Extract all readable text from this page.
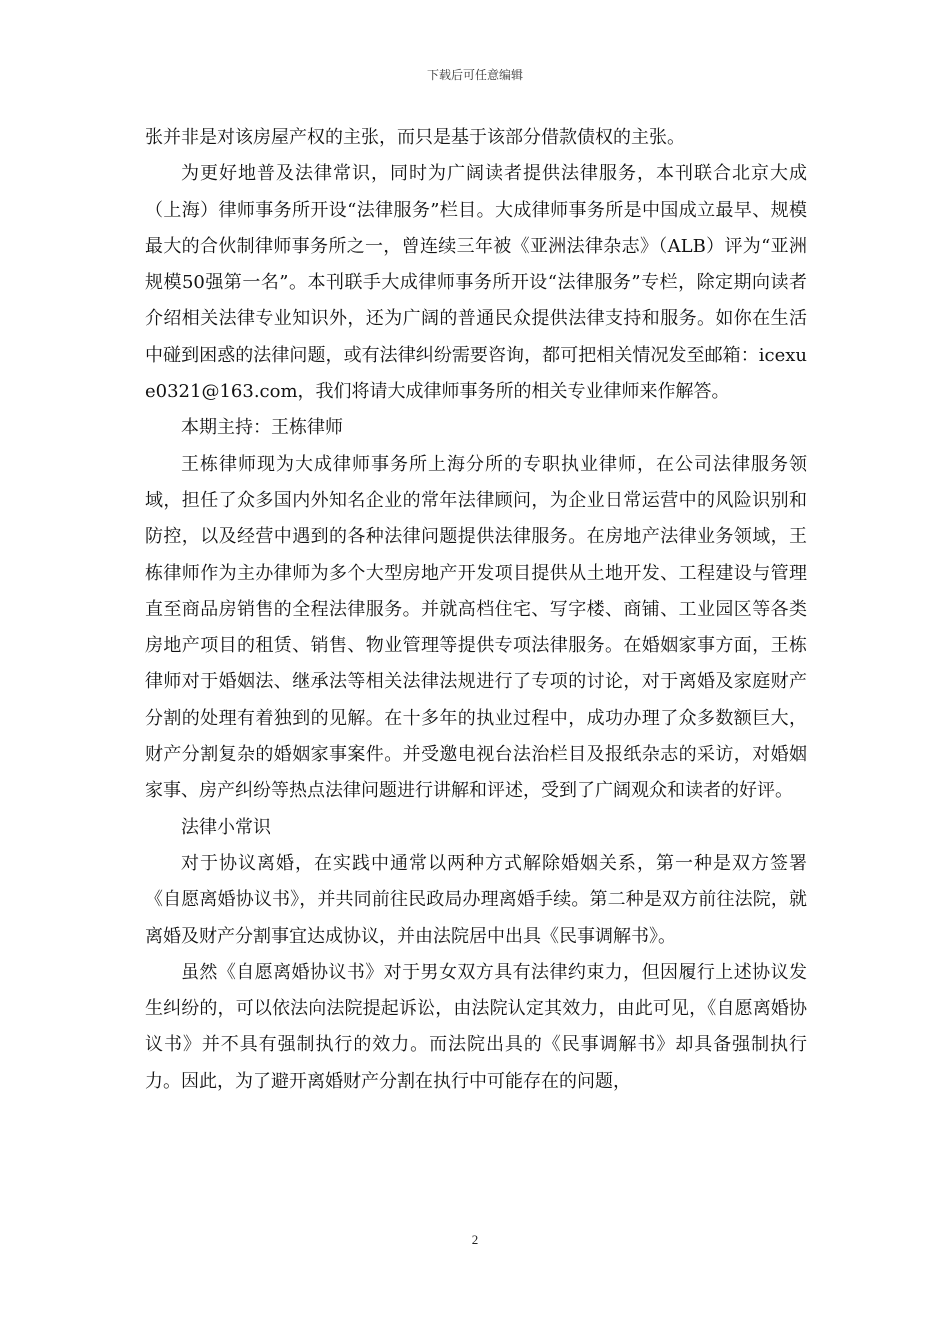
下载后可任意编辑

张并非是对该房屋产权的主张，而只是基于该部分借款债权的主张。

为更好地普及法律常识，同时为广阔读者提供法律服务，本刊联合北京大成（上海）律师事务所开设“法律服务”栏目。大成律师事务所是中国成立最早、规模最大的合伙制律师事务所之一，曾连续三年被《亚洲法律杂志》（ALB）评为“亚洲规模50强第一名”。本刊联手大成律师事务所开设“法律服务”专栏，除定期向读者介绍相关法律专业知识外，还为广阔的普通民众提供法律支持和服务。如你在生活中碰到困惑的法律问题，或有法律纠纷需要咨询，都可把相关情况发至邮箱：icexue0321@163.com，我们将请大成律师事务所的相关专业律师来作解答。

本期主持：王栋律师

王栋律师现为大成律师事务所上海分所的专职执业律师，在公司法律服务领域，担任了众多国内外知名企业的常年法律顾问，为企业日常运营中的风险识别和防控，以及经营中遇到的各种法律问题提供法律服务。在房地产法律业务领域，王栋律师作为主办律师为多个大型房地产开发项目提供从土地开发、工程建设与管理直至商品房销售的全程法律服务。并就高档住宅、写字楼、商铺、工业园区等各类房地产项目的租赁、销售、物业管理等提供专项法律服务。在婚姻家事方面，王栋律师对于婚姻法、继承法等相关法律法规进行了专项的讨论，对于离婚及家庭财产分割的处理有着独到的见解。在十多年的执业过程中，成功办理了众多数额巨大，财产分割复杂的婚姻家事案件。并受邀电视台法治栏目及报纸杂志的采访，对婚姻家事、房产纠纷等热点法律问题进行讲解和评述，受到了广阔观众和读者的好评。

法律小常识

对于协议离婚，在实践中通常以两种方式解除婚姻关系，第一种是双方签署《自愿离婚协议书》，并共同前往民政局办理离婚手续。第二种是双方前往法院，就离婚及财产分割事宜达成协议，并由法院居中出具《民事调解书》。

虽然《自愿离婚协议书》对于男女双方具有法律约束力，但因履行上述协议发生纠纷的，可以依法向法院提起诉讼，由法院认定其效力，由此可见，《自愿离婚协议书》并不具有强制执行的效力。而法院出具的《民事调解书》却具备强制执行力。因此，为了避开离婚财产分割在执行中可能存在的问题，

2
